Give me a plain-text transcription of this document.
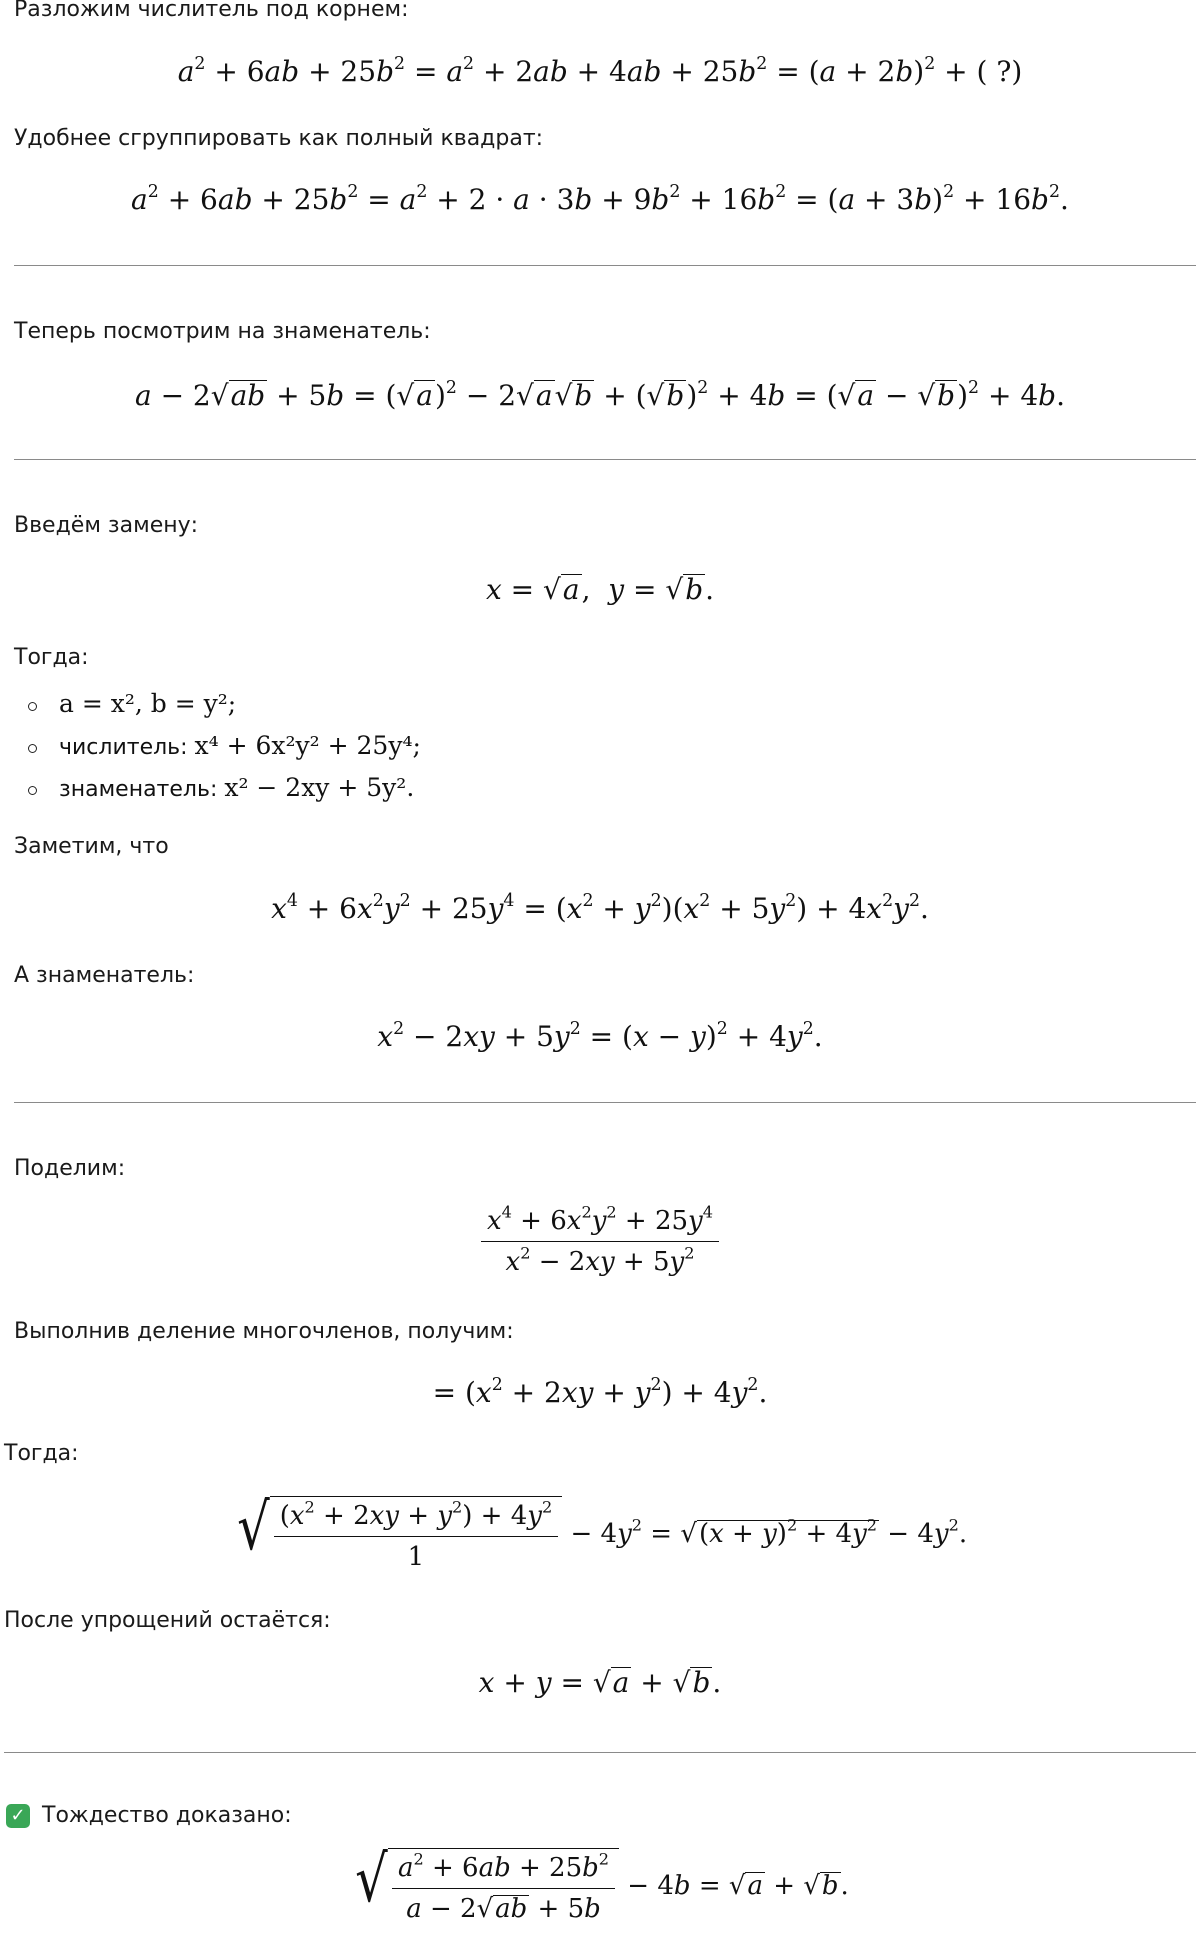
Разложим числитель под корнем:
$a^2 + 6ab + 25b^2 = a^2 + 2ab + 4ab + 25b^2 = (a + 2b)^2$ + ( ?)
Удобнее сгруппировать как полный квадрат:
$a^2 + 6ab + 25b^2 = a^2 + 2 \cdot a \cdot 3b + 9b^2 + 16b^2 = (a + 3b)^2 + 16b^2$.
Теперь посмотрим на знаменатель:
$a - 2√ab + 5b = (√a)^2 - 2√a√b + (√b)^2 + 4b = (√a - √b)^2 + 4b$.
Введём замену:
x = √a,  y = √b.
Тогда:
a = x², b = y²;
числитель: x⁴ + 6x²y² + 25y⁴;
знаменатель: x² − 2xy + 5y².
Заметим, что
$x^4 + 6x^2y^2 + 25y^4 = (x^2 + y^2)(x^2 + 5y^2) + 4x^2y^2$.
А знаменатель:
$x^2 - 2xy + 5y^2 = (x - y)^2 + 4y^2$.
Поделим:
$\frac{x^4 + 6x^2y^2 + 25y^4}{x^2 - 2xy + 5y^2}$
Выполнив деление многочленов, получим:
= $(x^2 + 2xy + y^2) + 4y^2$.
Тогда:
√ $\frac{(x^2 + 2xy + y^2) + 4y^2}{1} - 4y^2 = √(x + y)^2 + 4y^2 - 4y^2$.
После упрощений остаётся:
x + y = √a + √b.
✓ Тождество доказано:
√ $\frac{a^2 + 6ab + 25b^2}{a - 2√ab + 5b} - 4b = √a + √b$.
